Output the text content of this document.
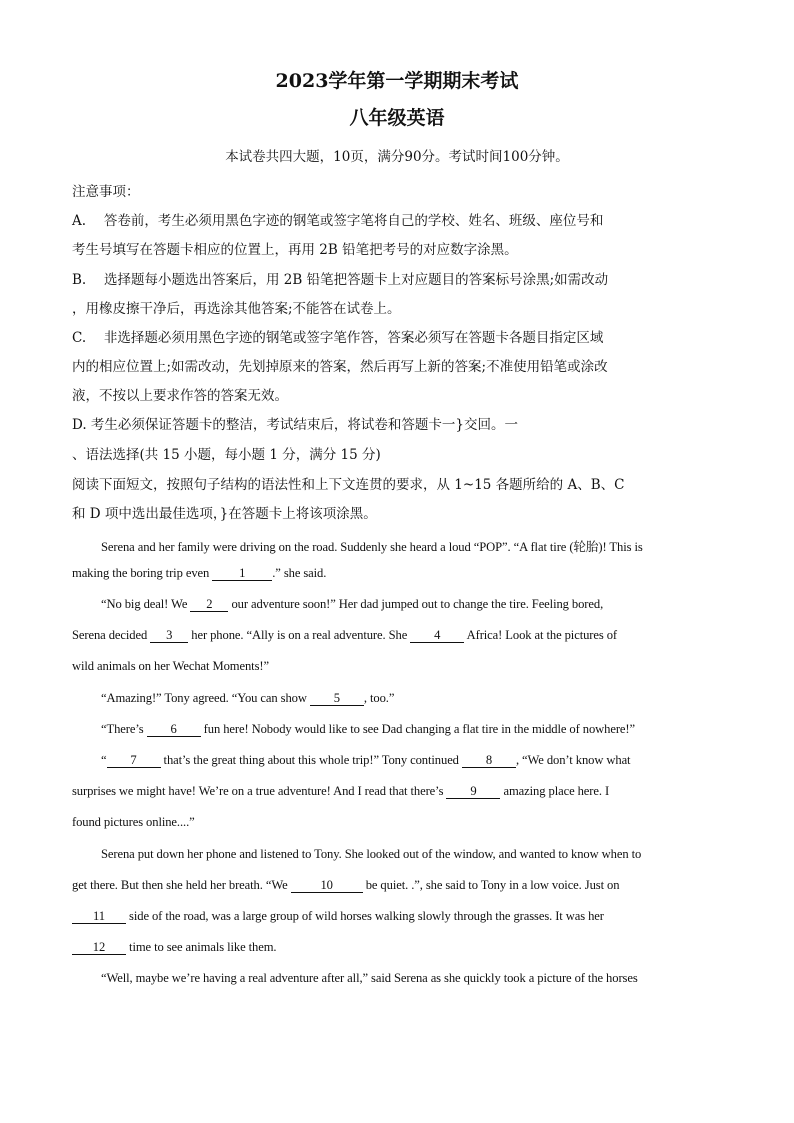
2023学年第一学期期末考试
八年级英语
本试卷共四大题，10页，满分90分。考试时间100分钟。
注意事项：
A.　 答卷前，考生必须用黑色字迹的钢笔或签字笔将自己的学校、姓名、班级、座位号和
考生号填写在答题卡相应的位置上，再用 2B 铅笔把考号的对应数字涂黑。
B.　 选择题每小题选出答案后，用 2B 铅笔把答题卡上对应题目的答案标号涂黑;如需改动
，用橡皮擦干净后，再选涂其他答案;不能答在试卷上。
C.　 非选择题必须用黑色字迹的钢笔或签字笔作答，答案必须写在答题卡各题目指定区域
内的相应位置上;如需改动，先划掉原来的答案，然后再写上新的答案;不准使用铅笔或涂改
液，不按以上要求作答的答案无效。
D. 考生必须保证答题卡的整洁，考试结束后，将试卷和答题卡一}交回。一
、语法选择(共 15 小题，每小题 1 分，满分 15 分)
阅读下面短文，按照句子结构的语法性和上下文连贯的要求，从 1~15 各题所给的 A、B、C
和 D 项中选出最佳选项，}在答题卡上将该项涂黑。
Serena and her family were driving on the road. Suddenly she heard a loud “POP”. “A flat tire (轮胎)! This is
making the boring trip even 1 .” she said.
“No big deal! We 2 our adventure soon!” Her dad jumped out to change the tire. Feeling bored,
Serena decided 3 her phone. “Ally is on a real adventure. She 4 Africa! Look at the pictures of
wild animals on her Wechat Moments!”
“Amazing!” Tony agreed. “You can show 5 , too.”
“There’s 6 fun here! Nobody would like to see Dad changing a flat tire in the middle of nowhere!”
“ 7 that’s the great thing about this whole trip!” Tony continued 8 , “We don’t know what
surprises we might have! We’re on a true adventure! And I read that there’s 9 amazing place here. I
found pictures online....”
Serena put down her phone and listened to Tony. She looked out of the window, and wanted to know when to
get there. But then she held her breath. “We 10 be quiet. .”, she said to Tony in a low voice. Just on
11 side of the road, was a large group of wild horses walking slowly through the grasses. It was her
12 time to see animals like them.
“Well, maybe we’re having a real adventure after all,” said Serena as she quickly took a picture of the horses
